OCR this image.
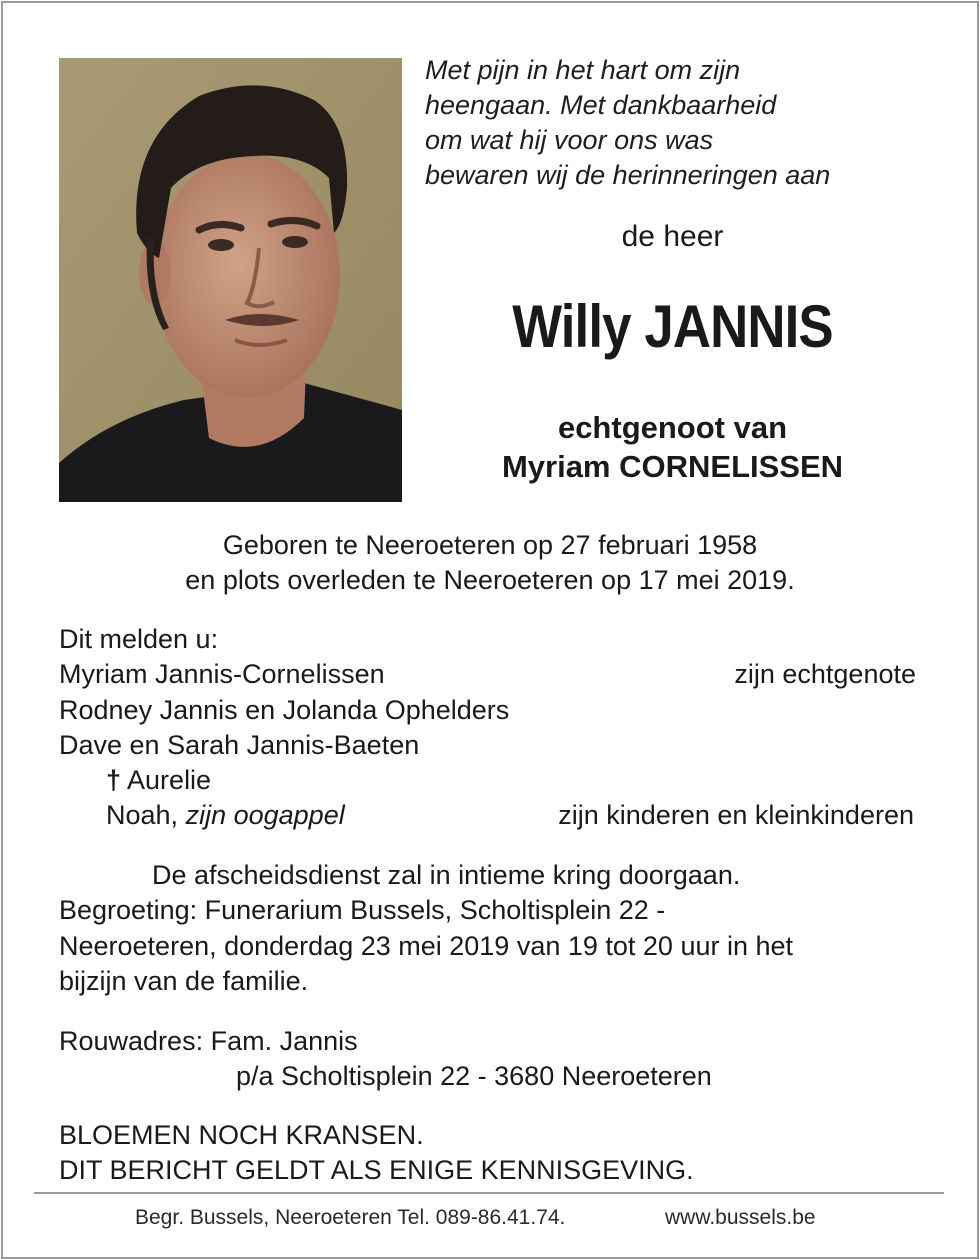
Met pijn in het hart om zijn
heengaan. Met dankbaarheid
om wat hij voor ons was
bewaren wij de herinneringen aan
de heer
Willy JANNIS
echtgenoot van
Myriam CORNELISSEN
Geboren te Neeroeteren op 27 februari 1958
en plots overleden te Neeroeteren op 17 mei 2019.
Dit melden u:
Myriam Jannis-Cornelissen	zijn echtgenote
Rodney Jannis en Jolanda Ophelders
Dave en Sarah Jannis-Baeten
† Aurelie
Noah, zijn oogappel	zijn kinderen en kleinkinderen
De afscheidsdienst zal in intieme kring doorgaan.
Begroeting: Funerarium Bussels, Scholtisplein 22 -
Neeroeteren, donderdag 23 mei 2019 van 19 tot 20 uur in het
bijzijn van de familie.
Rouwadres: Fam. Jannis
p/a Scholtisplein 22 - 3680 Neeroeteren
BLOEMEN NOCH KRANSEN.
DIT BERICHT GELDT ALS ENIGE KENNISGEVING.
Begr. Bussels, Neeroeteren Tel. 089-86.41.74.	www.bussels.be
